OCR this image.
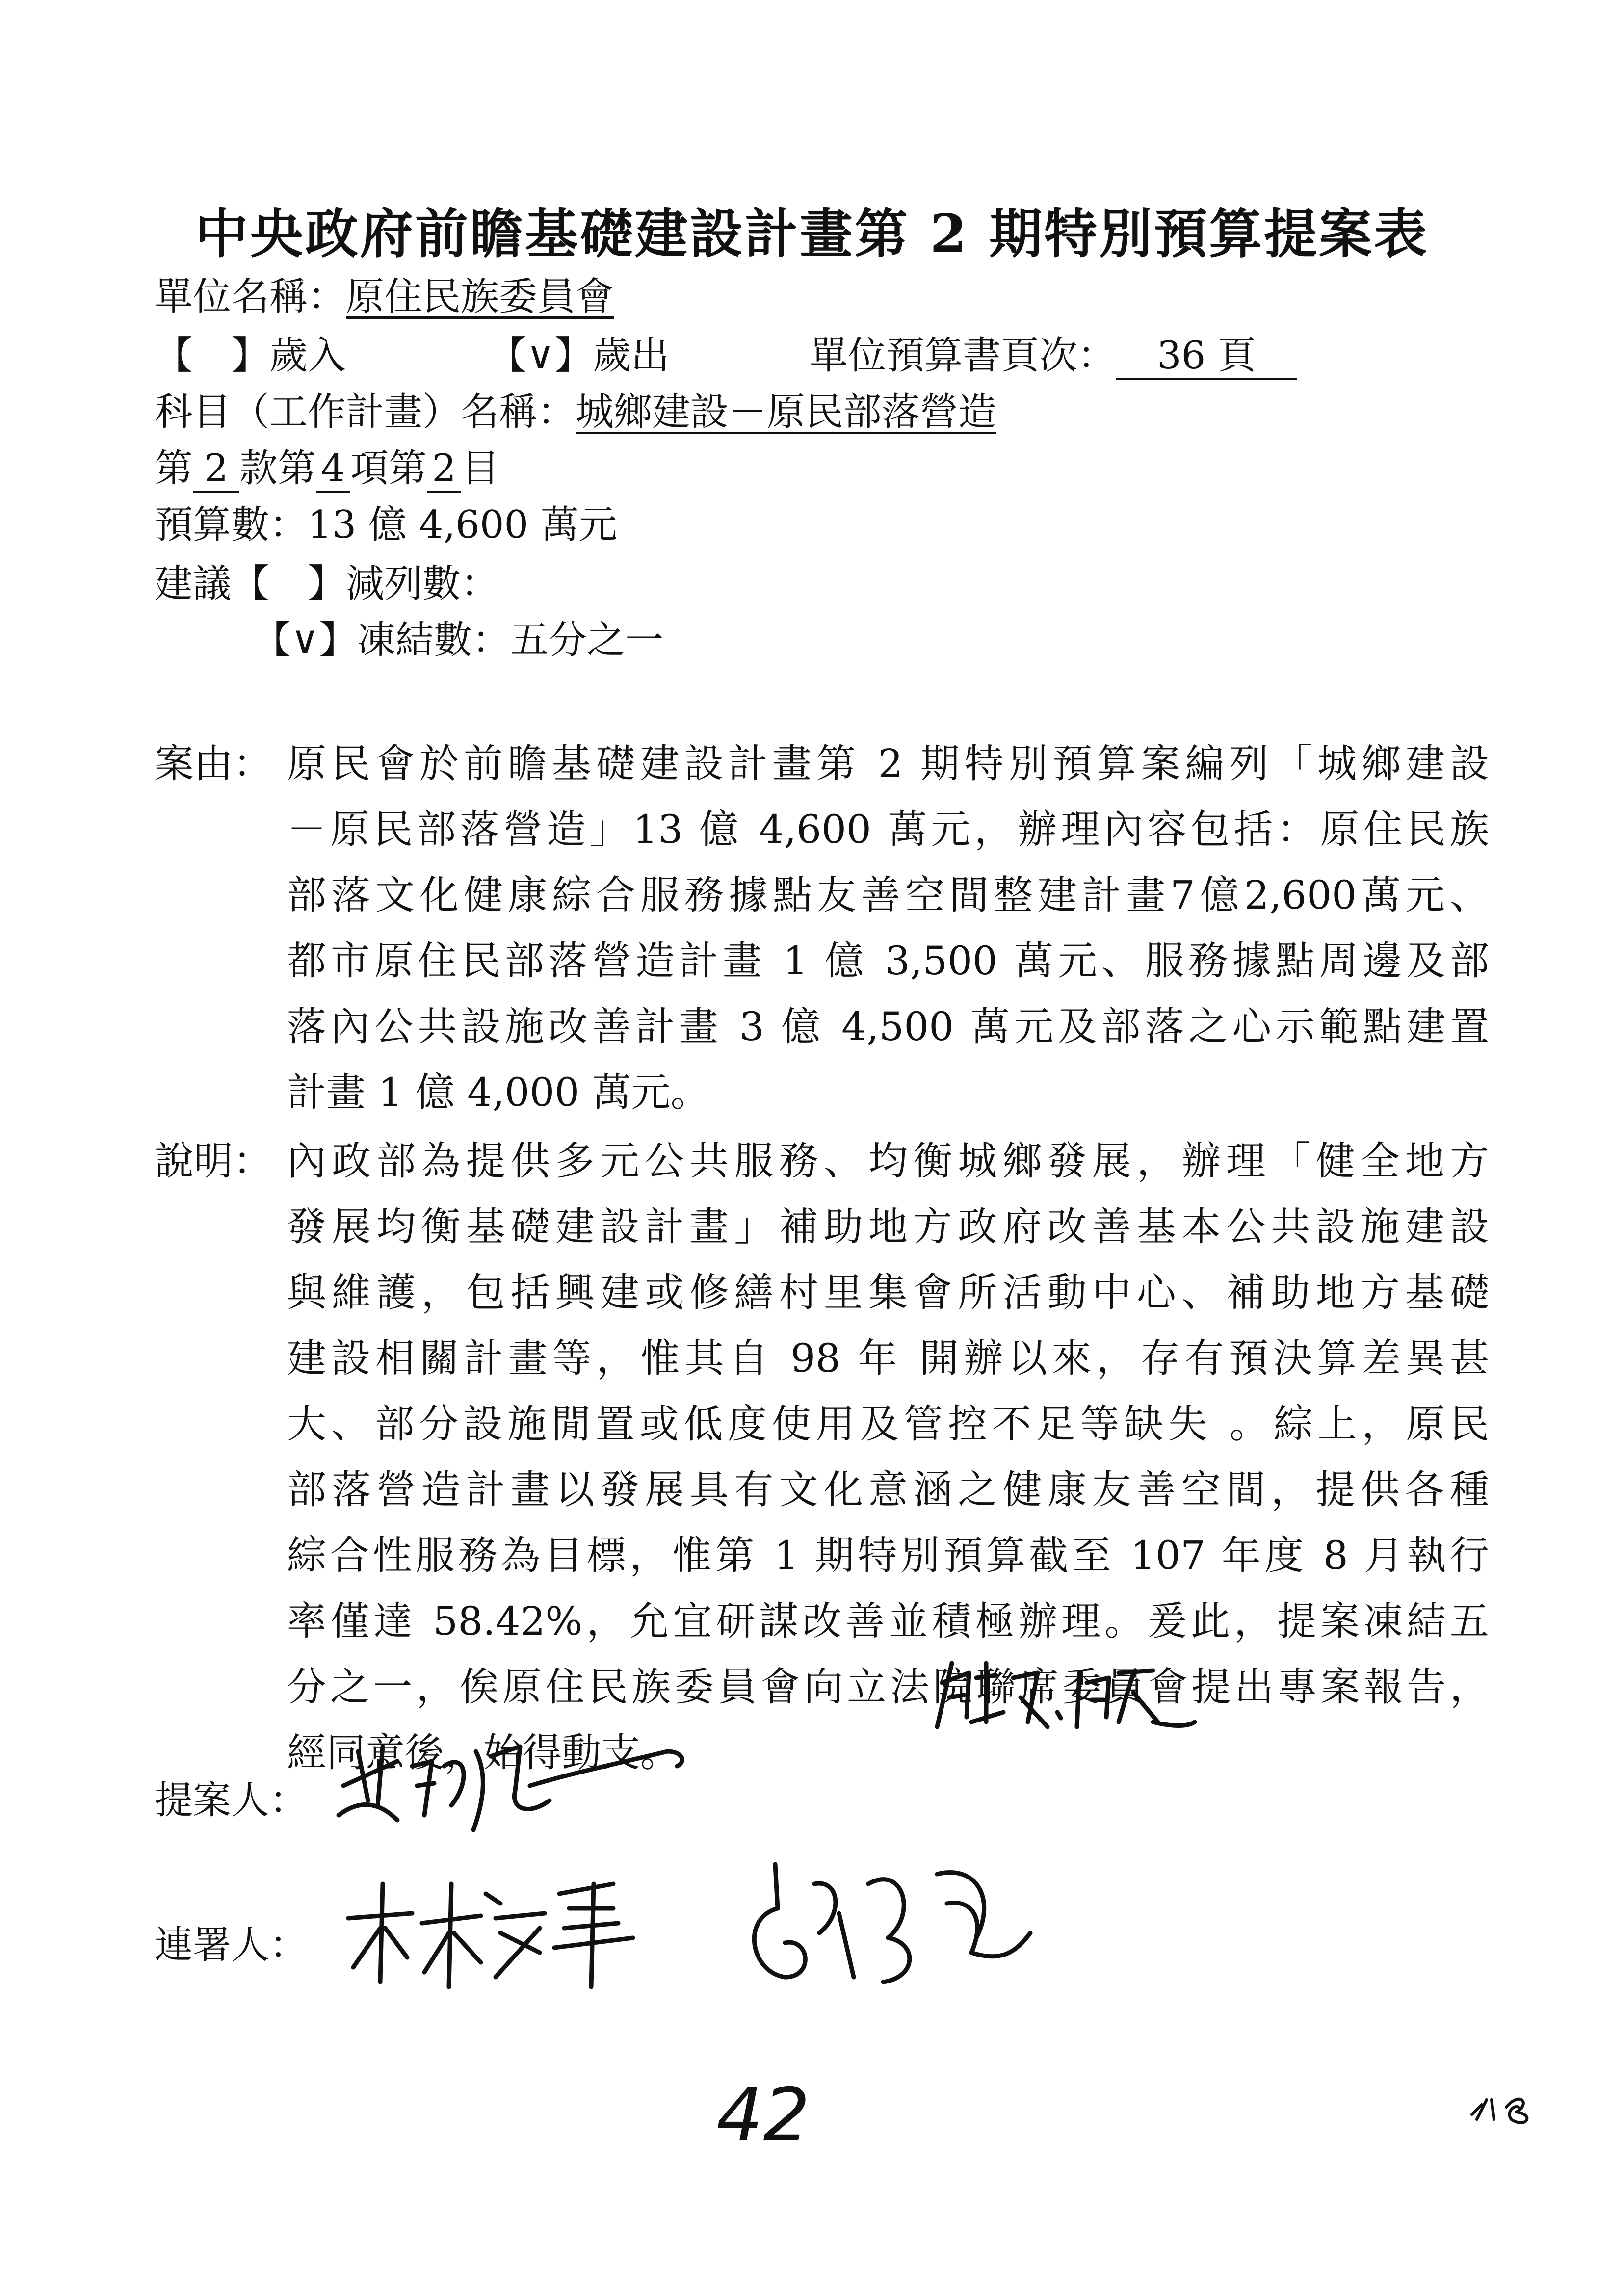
中央政府前瞻基礎建設計畫第 2 期特別預算提案表
單位名稱：原住民族委員會
【　】歲入	【∨】歲出	單位預算書頁次： 36 頁
科目（工作計畫）名稱：城鄉建設－原民部落營造
第 2 款第 4 項第 2 目
預算數：13 億 4,600 萬元
建議【　】減列數：
【∨】凍結數：五分之一
案由： 原民會於前瞻基礎建設計畫第 2 期特別預算案編列「城鄉建設
－原民部落營造」13 億 4,600 萬元，辦理內容包括：原住民族
部落文化健康綜合服務據點友善空間整建計畫7億2,600萬元、
都市原住民部落營造計畫 1 億 3,500 萬元、服務據點周邊及部
落內公共設施改善計畫 3 億 4,500 萬元及部落之心示範點建置
計畫 1 億 4,000 萬元。
說明： 內政部為提供多元公共服務、均衡城鄉發展，辦理「健全地方
發展均衡基礎建設計畫」補助地方政府改善基本公共設施建設
與維護，包括興建或修繕村里集會所活動中心、補助地方基礎
建設相關計畫等，惟其自 98 年 開辦以來，存有預決算差異甚
大、部分設施閒置或低度使用及管控不足等缺失 。綜上，原民
部落營造計畫以發展具有文化意涵之健康友善空間，提供各種
綜合性服務為目標，惟第 1 期特別預算截至 107 年度 8 月執行
率僅達 58.42%，允宜研謀改善並積極辦理。爰此，提案凍結五
分之一，俟原住民族委員會向立法院聯席委員會提出專案報告，
經同意後，始得動支。
提案人：
連署人：
42
